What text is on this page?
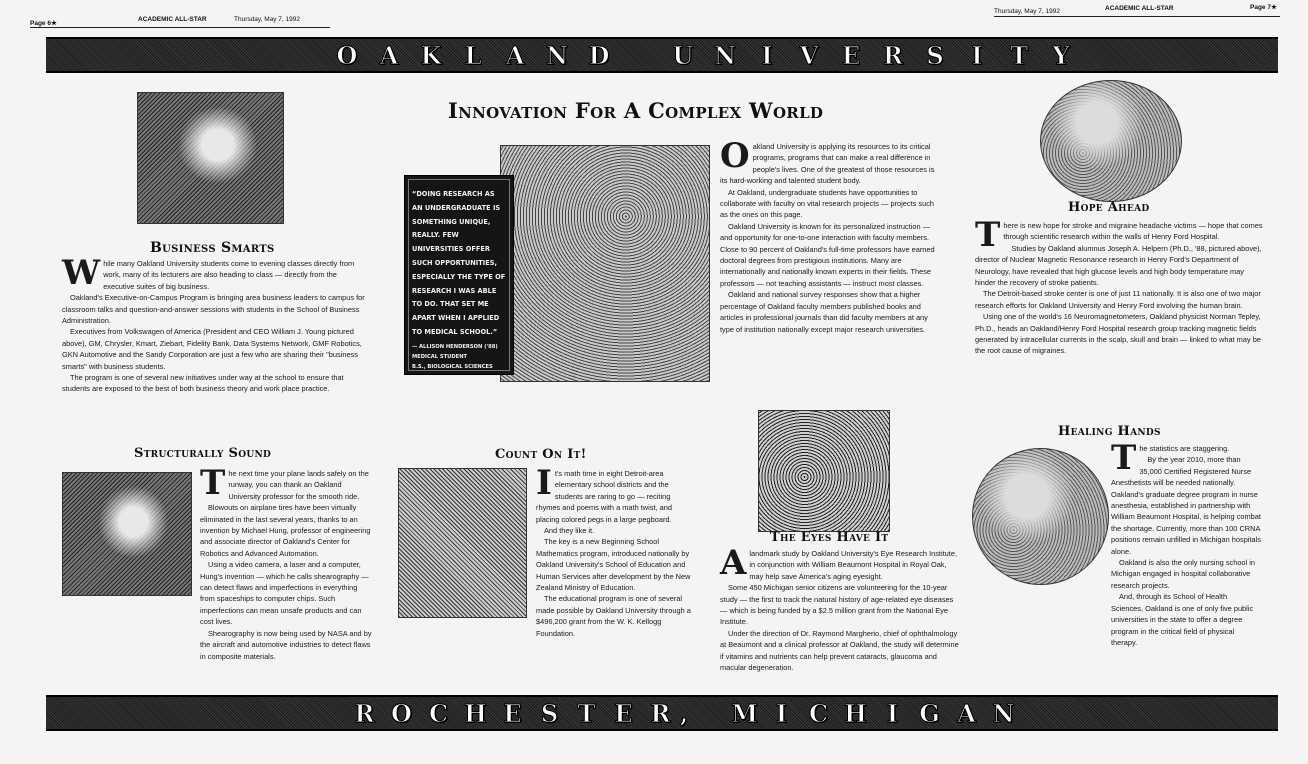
Page 6★
ACADEMIC ALL-STAR	Thursday, May 7, 1992
Thursday, May 7, 1992	ACADEMIC ALL-STAR	Page 7★
O A K L	A N D	U N	I	V E R S	I	T	Y
Business Smarts

While many Oakland University students come to evening classes directly from work, many of its lecturers are also heading to class — directly from the executive suites of big business.

Oakland's Executive-on-Campus Program is bringing area business leaders to campus for classroom talks and question-and-answer sessions with students in the School of Business Administration.

Executives from Volkswagen of America (President and CEO William J. Young pictured above), GM, Chrysler, Kmart, Ziebart, Fidelity Bank, Data Systems Network, GMF Robotics, GKN Automotive and the Sandy Corporation are just a few who are sharing their "business smarts" with business students.

The program is one of several new initiatives under way at the school to ensure that students are exposed to the best of both business theory and work place practice.

Innovation For A Complex World
“DOING RESEARCH AS AN UNDERGRADUATE IS SOMETHING UNIQUE, REALLY. FEW UNIVERSITIES OFFER SUCH OPPORTUNITIES, ESPECIALLY THE TYPE OF RESEARCH I WAS ABLE TO DO. THAT SET ME APART WHEN I APPLIED TO MEDICAL SCHOOL.”
— ALLISON HENDERSON ('88)
MEDICAL STUDENT
B.S., BIOLOGICAL SCIENCES

Oakland University is applying its resources to its critical programs, programs that can make a real difference in people's lives. One of the greatest of those resources is its hard-working and talented student body.

At Oakland, undergraduate students have opportunities to collaborate with faculty on vital research projects — projects such as the ones on this page.

Oakland University is known for its personalized instruction — and opportunity for one-to-one interaction with faculty members. Close to 90 percent of Oakland's full-time professors have earned doctoral degrees from prestigious institutions. Many are internationally and nationally known experts in their fields. These professors — not teaching assistants — instruct most classes.

Oakland and national survey responses show that a higher percentage of Oakland faculty members published books and articles in professional journals than did faculty members at any type of institution nationally except major research universities.

Hope Ahead

There is new hope for stroke and migraine headache victims — hope that comes through scientific research within the walls of Henry Ford Hospital.

Studies by Oakland alumnus Joseph A. Helpern (Ph.D., '88, pictured above), director of Nuclear Magnetic Resonance research in Henry Ford's Department of Neurology, have revealed that high glucose levels and high body temperature may hinder the recovery of stroke patients.

The Detroit-based stroke center is one of just 11 nationally. It is also one of two major research efforts for Oakland University and Henry Ford involving the human brain.

Using one of the world's 16 Neuromagnetometers, Oakland physicist Norman Tepley, Ph.D., heads an Oakland/Henry Ford Hospital research group tracking magnetic fields generated by intracellular currents in the scalp, skull and brain — linked to what may be the root cause of migraines.

Structurally Sound

The next time your plane lands safely on the runway, you can thank an Oakland University professor for the smooth ride.

Blowouts on airplane tires have been virtually eliminated in the last several years, thanks to an invention by Michael Hung, professor of engineering and associate director of Oakland's Center for Robotics and Advanced Automation.

Using a video camera, a laser and a computer, Hung's invention — which he calls shearography — can detect flaws and imperfections in everything from spaceships to computer chips. Such imperfections can mean unsafe products and can cost lives.

Shearography is now being used by NASA and by the aircraft and automotive industries to detect flaws in composite materials.

Count On It!

It's math time in eight Detroit-area elementary school districts and the students are raring to go — reciting rhymes and poems with a math twist, and placing colored pegs in a large pegboard.

And they like it.

The key is a new Beginning School Mathematics program, introduced nationally by Oakland University's School of Education and Human Services after development by the New Zealand Ministry of Education.

The educational program is one of several made possible by Oakland University through a $496,200 grant from the W. K. Kellogg Foundation.

The Eyes Have It

A landmark study by Oakland University's Eye Research Institute, in conjunction with William Beaumont Hospital in Royal Oak, may help save America's aging eyesight.

Some 450 Michigan senior citizens are volunteering for the 10-year study — the first to track the natural history of age-related eye diseases — which is being funded by a $2.5 million grant from the National Eye Institute.

Under the direction of Dr. Raymond Margherio, chief of ophthalmology at Beaumont and a clinical professor at Oakland, the study will determine if vitamins and nutrients can help prevent cataracts, glaucoma and macular degeneration.

Healing Hands

The statistics are staggering.

By the year 2010, more than 35,000 Certified Registered Nurse Anesthetists will be needed nationally. Oakland's graduate degree program in nurse anesthesia, established in partnership with William Beaumont Hospital, is helping combat the shortage. Currently, more than 100 CRNA positions remain unfilled in Michigan hospitals alone.

Oakland is also the only nursing school in Michigan engaged in hospital collaborative research projects.

And, through its School of Health Sciences, Oakland is one of only five public universities in the state to offer a degree program in the critical field of physical therapy.

R O C H E S T E R , M I C H I G A N
